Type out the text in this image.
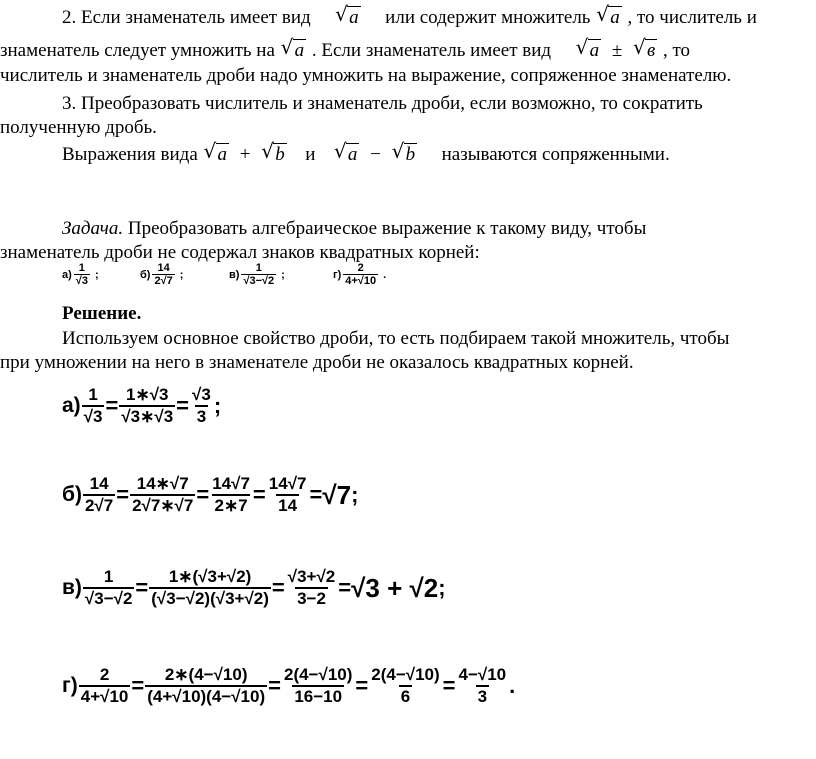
2. Если знаменатель имеет вид √ a или содержит множитель √ a , то числитель и
знаменатель следует умножить на √ a . Если знаменатель имеет вид √ a ± √ в , то
числитель и знаменатель дроби надо умножить на выражение, сопряженное знаменателю.
3. Преобразовать числитель и знаменатель дроби, если возможно, то сократить
полученную дробь.
Выражения вида √ a + √ b и √ a − √ b называются сопряженными.
Задача. Преобразовать алгебраическое выражение к такому виду, чтобы
знаменатель дроби не содержал знаков квадратных корней:
$а) \frac{1}{√3}$ ;	$б) \frac{14}{2√7}$ ;	$в) \frac{1}{√3-√2}$ ;	$г) \frac{2}{4+√10}$ .
Решение.
Используем основное свойство дроби, то есть подбираем такой множитель, чтобы
при умножении на него в знаменателе дроби не оказалось квадратных корней.
$а) \frac{1}{√3} = \frac{1∗√3}{√3∗√3} = \frac{√3}{3}$ ;
$б) \frac{14}{2√7} = \frac{14∗√7}{2√7∗√7} = \frac{14√7}{2∗7} = \frac{14√7}{14} = √7$ ;
$в) \frac{1}{√3-√2} = \frac{1∗(√3+√2)}{(√3-√2)(√3+√2)} = \frac{√3+√2}{3-2} = √3 + √2$ ;
$г) \frac{2}{4+√10} = \frac{2∗(4-√10)}{(4+√10)(4-√10)} = \frac{2(4-√10)}{16-10} = \frac{2(4-√10)}{6} = \frac{4-√10}{3}$ .
